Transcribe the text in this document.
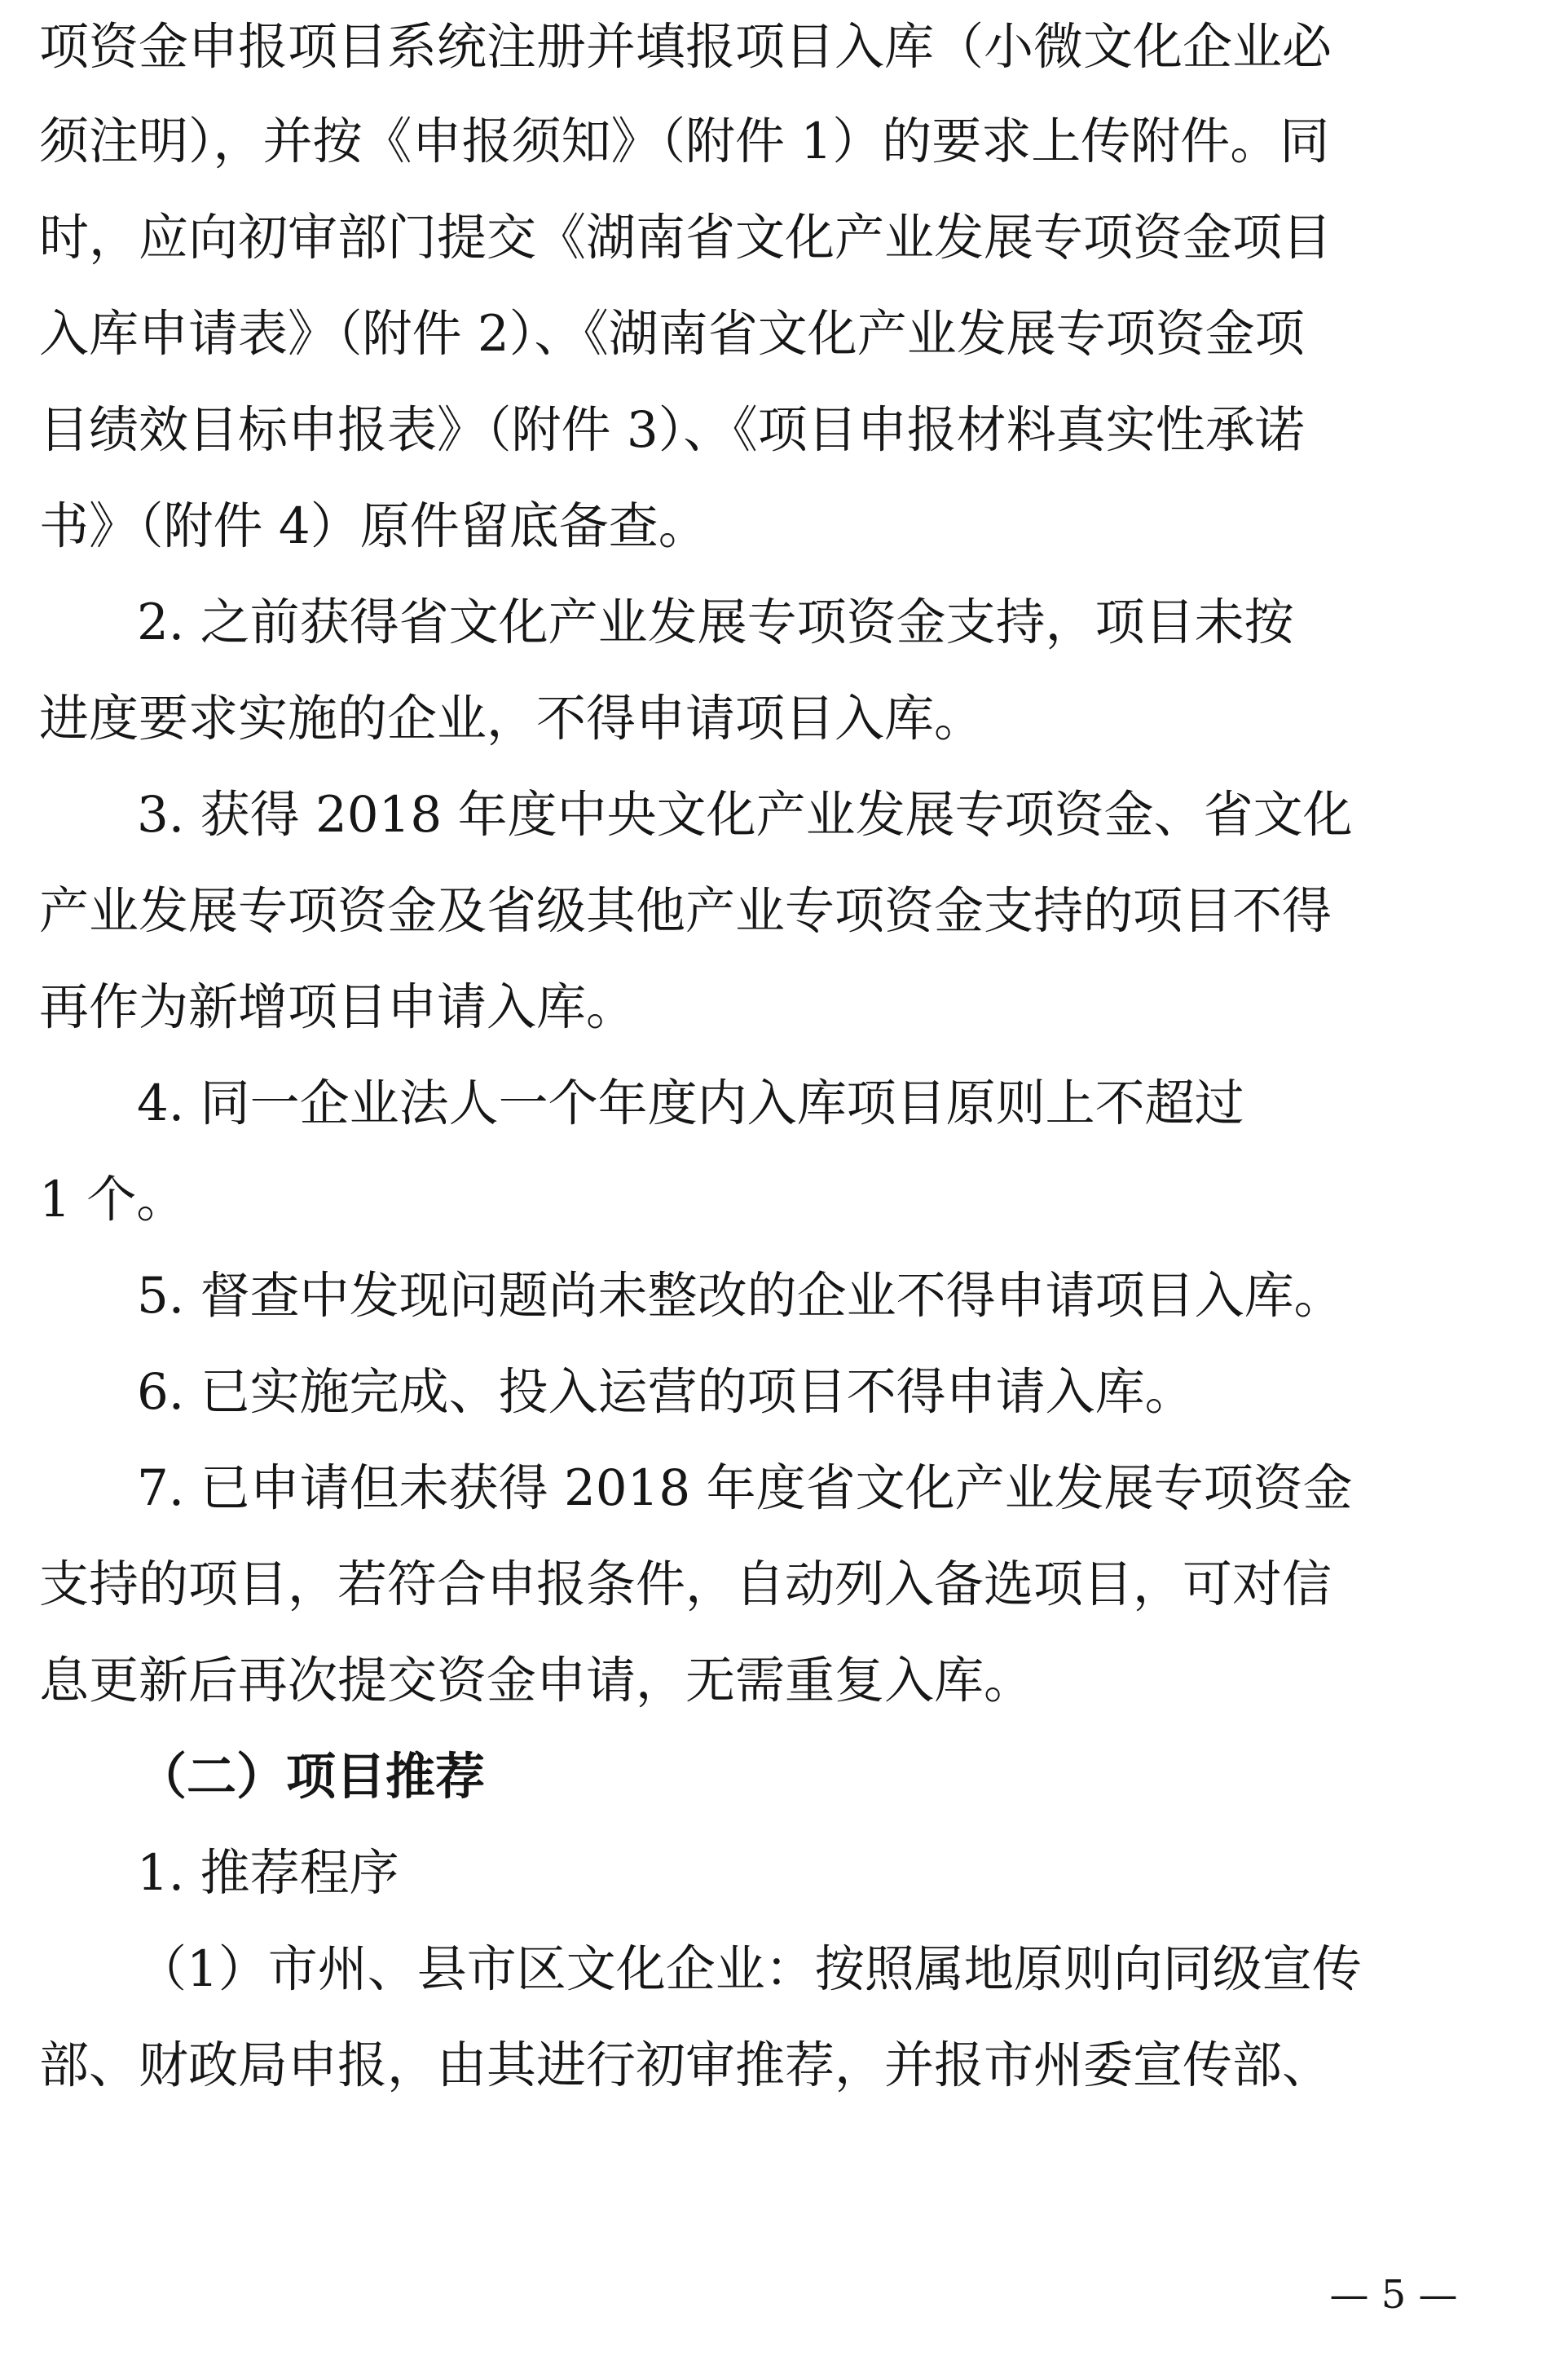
项资金申报项目系统注册并填报项目入库（小微文化企业必
须注明），并按《申报须知》（附件 1）的要求上传附件。同
时，应向初审部门提交《湖南省文化产业发展专项资金项目
入库申请表》（附件 2）、《湖南省文化产业发展专项资金项
目绩效目标申报表》（附件 3）、《项目申报材料真实性承诺
书》（附件 4）原件留底备查。
2. 之前获得省文化产业发展专项资金支持，项目未按
进度要求实施的企业，不得申请项目入库。
3. 获得 2018 年度中央文化产业发展专项资金、省文化
产业发展专项资金及省级其他产业专项资金支持的项目不得
再作为新增项目申请入库。
4. 同一企业法人一个年度内入库项目原则上不超过
1 个。
5. 督查中发现问题尚未整改的企业不得申请项目入库。
6. 已实施完成、投入运营的项目不得申请入库。
7. 已申请但未获得 2018 年度省文化产业发展专项资金
支持的项目，若符合申报条件，自动列入备选项目，可对信
息更新后再次提交资金申请，无需重复入库。
（二）项目推荐
1. 推荐程序
（1）市州、县市区文化企业：按照属地原则向同级宣传
部、财政局申报，由其进行初审推荐，并报市州委宣传部、
— 5 —
